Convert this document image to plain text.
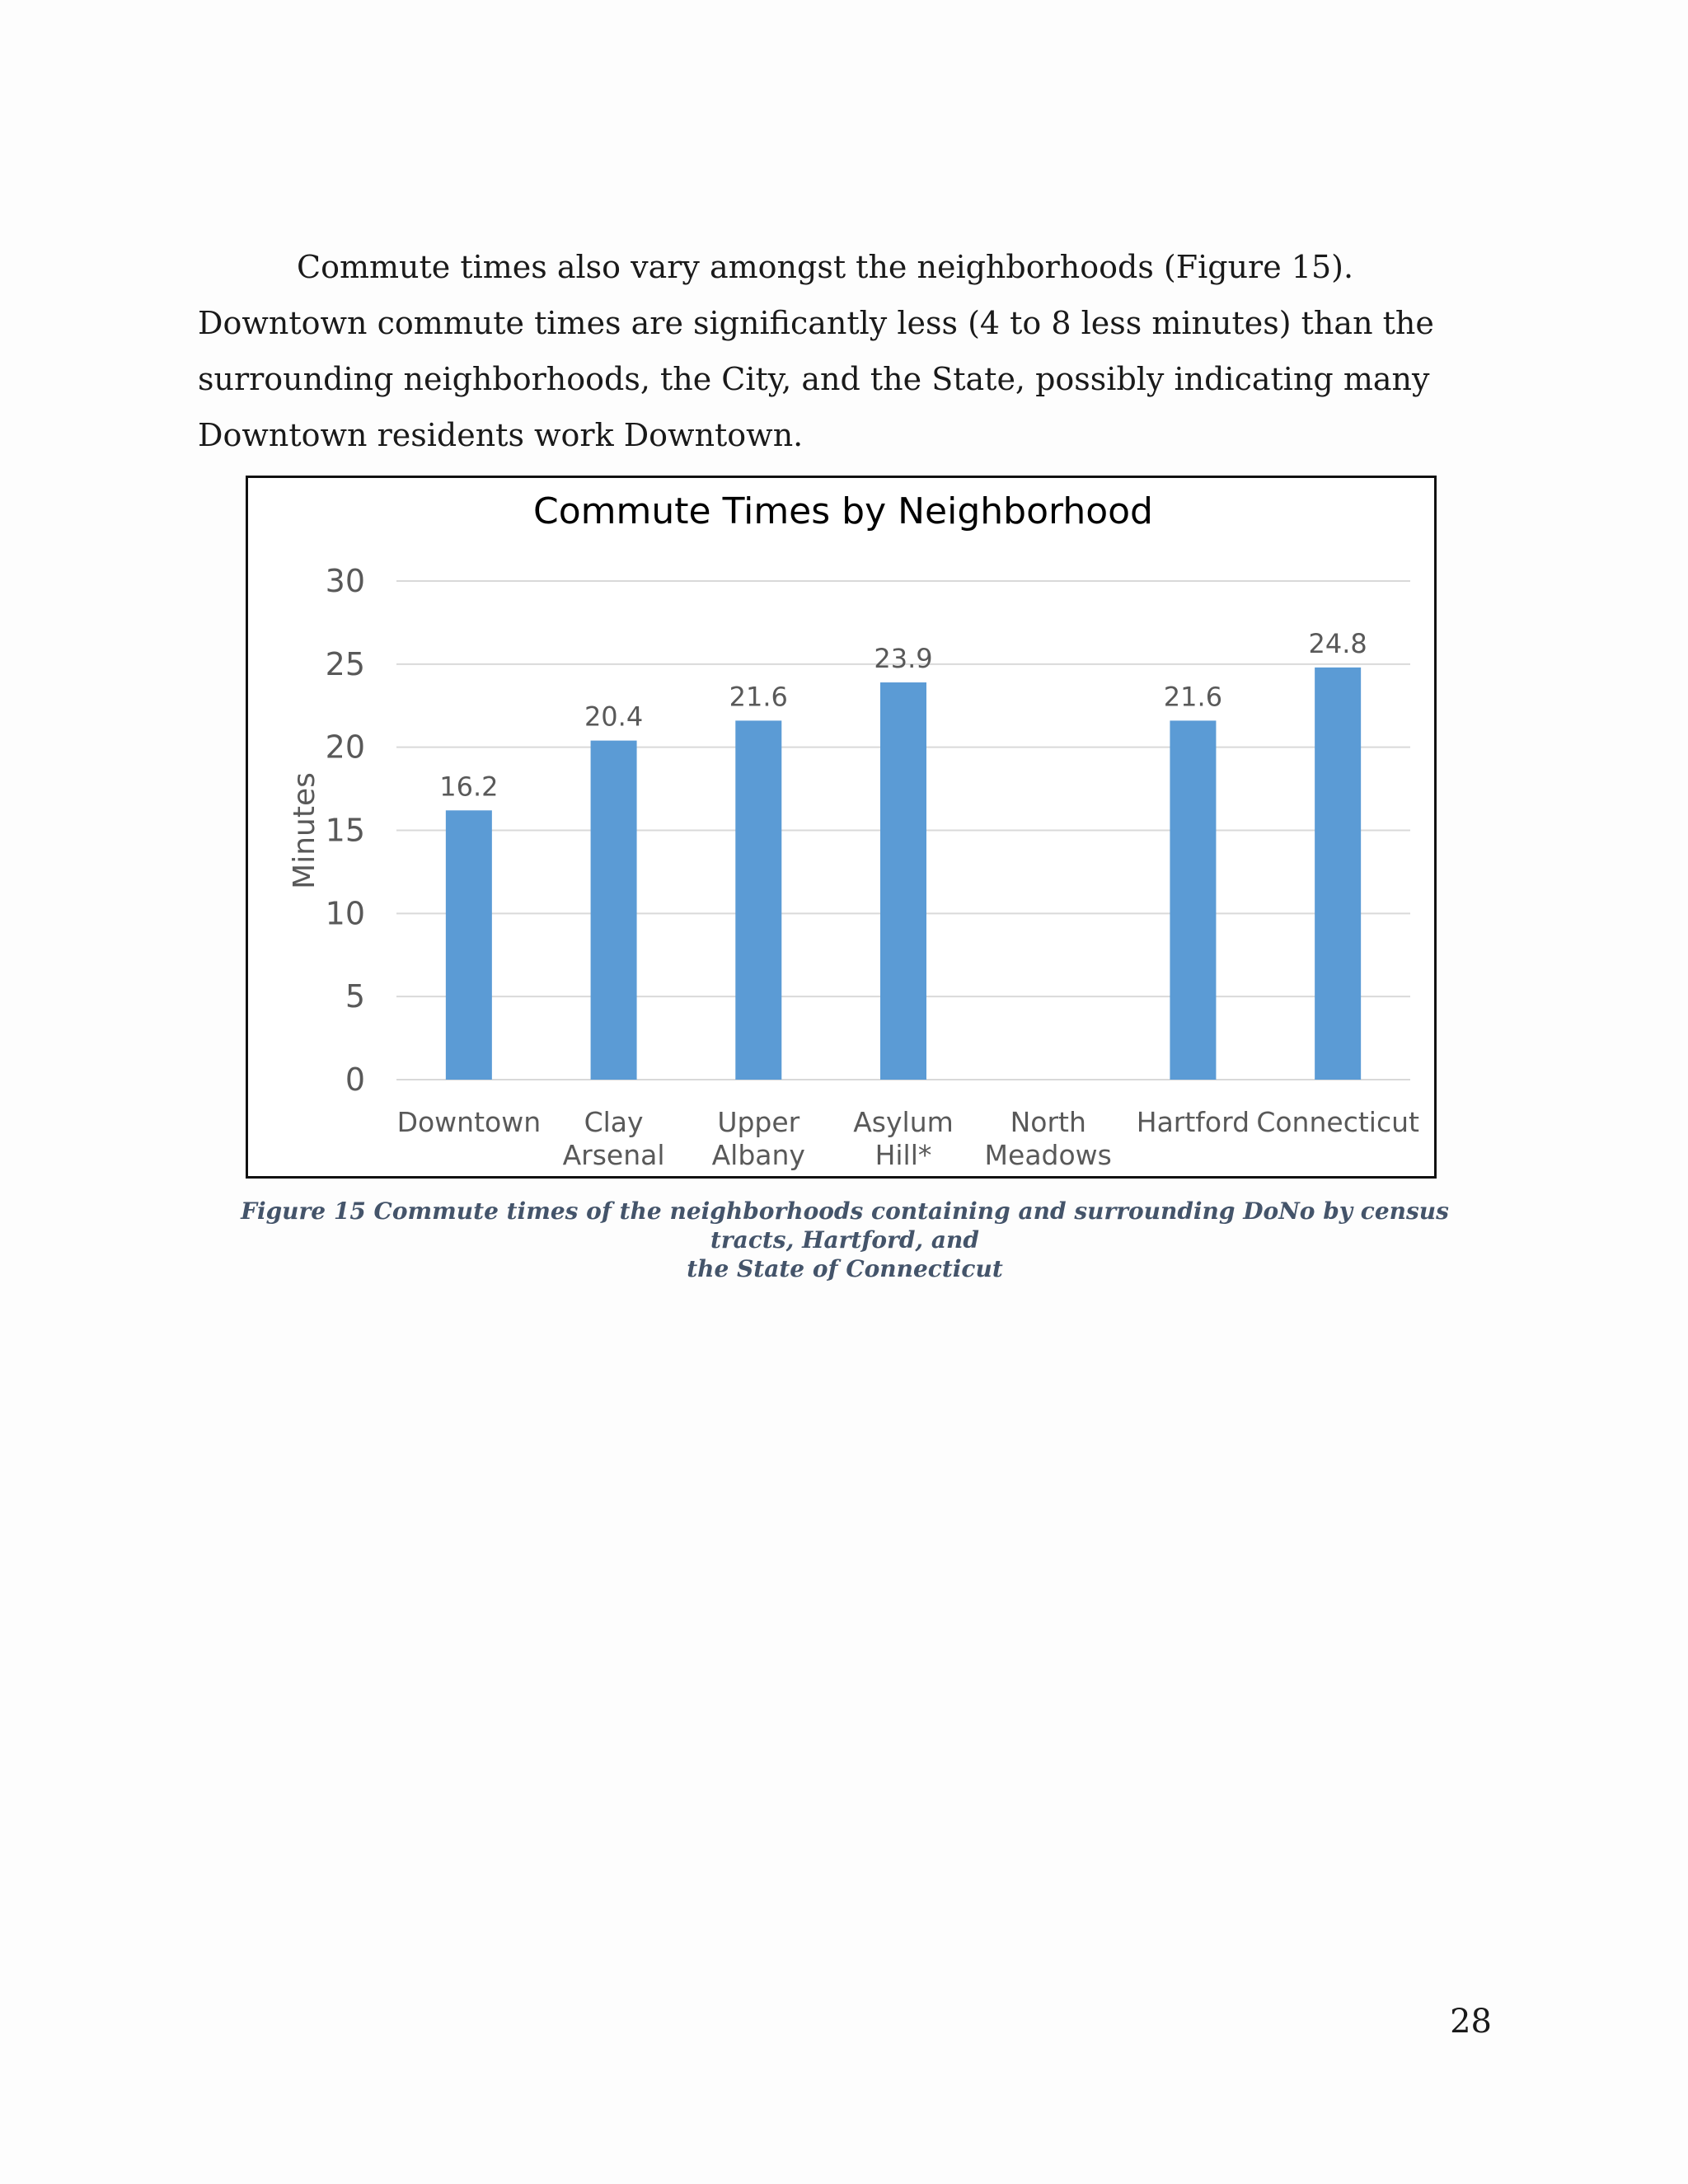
Commute times also vary amongst the neighborhoods (Figure 15). Downtown commute times are significantly less (4 to 8 less minutes) than the surrounding neighborhoods, the City, and the State, possibly indicating many Downtown residents work Downtown.

Commute Times by Neighborhood
Minutes
0
5
10
15
20
25
30
16.2
Downtown
20.4
Clay
Arsenal
21.6
Upper
Albany
23.9
Asylum
Hill*
North
Meadows
21.6
Hartford
24.8
Connecticut
Figure 15 Commute times of the neighborhoods containing and surrounding DoNo by census tracts, Hartford, and
the State of Connecticut

28
